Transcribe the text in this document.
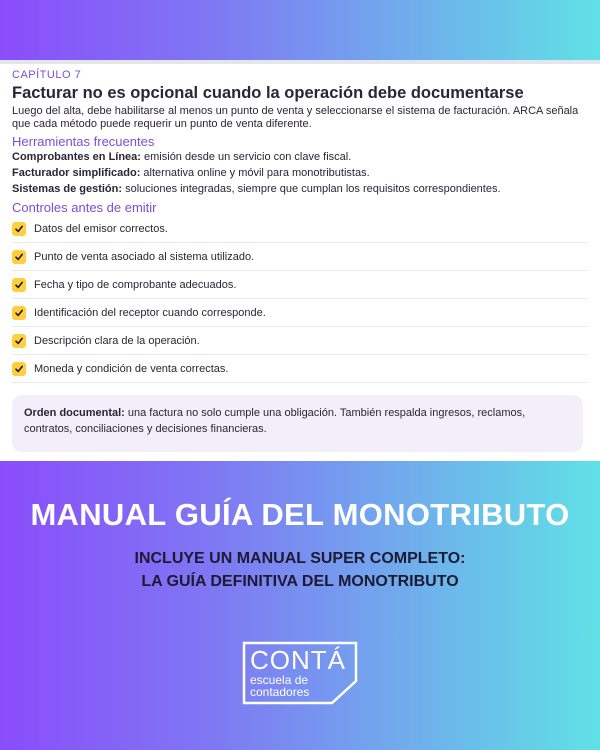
CAPÍTULO 7
Facturar no es opcional cuando la operación debe documentarse
Luego del alta, debe habilitarse al menos un punto de venta y seleccionarse el sistema de facturación. ARCA señala que cada método puede requerir un punto de venta diferente.
Herramientas frecuentes
Comprobantes en Línea: emisión desde un servicio con clave fiscal.
Facturador simplificado: alternativa online y móvil para monotributistas.
Sistemas de gestión: soluciones integradas, siempre que cumplan los requisitos correspondientes.
Controles antes de emitir
Datos del emisor correctos.
Punto de venta asociado al sistema utilizado.
Fecha y tipo de comprobante adecuados.
Identificación del receptor cuando corresponde.
Descripción clara de la operación.
Moneda y condición de venta correctas.
Orden documental: una factura no solo cumple una obligación. También respalda ingresos, reclamos, contratos, conciliaciones y decisiones financieras.
MANUAL GUÍA DEL MONOTRIBUTO
INCLUYE UN MANUAL SUPER COMPLETO:
LA GUÍA DEFINITIVA DEL MONOTRIBUTO
CONTÁ
escuela de
contadores
